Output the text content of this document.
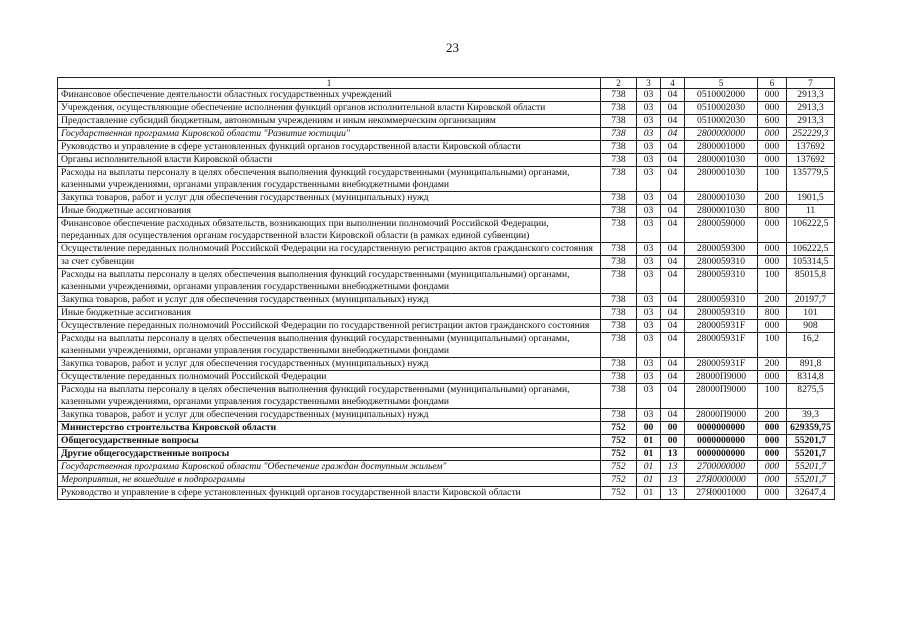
23
1	2	3	4	5	6	7
Финансовое обеспечение деятельности областных государственных учреждений	738	03	04	0510002000	000	2913,3
Учреждения, осуществляющие обеспечение исполнения функций органов исполнительной власти Кировской области	738	03	04	0510002030	000	2913,3
Предоставление субсидий бюджетным, автономным учреждениям и иным некоммерческим организациям	738	03	04	0510002030	600	2913,3
Государственная программа Кировской области "Развитие юстиции"	738	03	04	2800000000	000	252229,3
Руководство и управление в сфере установленных функций органов государственной власти Кировской области	738	03	04	2800001000	000	137692
Органы исполнительной власти Кировской области	738	03	04	2800001030	000	137692
Расходы на выплаты персоналу в целях обеспечения выполнения функций государственными (муниципальными) органами, казенными учреждениями, органами управления государственными внебюджетными фондами	738	03	04	2800001030	100	135779,5
Закупка товаров, работ и услуг для обеспечения государственных (муниципальных) нужд	738	03	04	2800001030	200	1901,5
Иные бюджетные ассигнования	738	03	04	2800001030	800	11
Финансовое обеспечение расходных обязательств, возникающих при выполнении полномочий Российской Федерации, переданных для осуществления органам государственной власти Кировской области (в рамках единой субвенции)	738	03	04	2800059000	000	106222,5
Осуществление переданных полномочий Российской Федерации на государственную регистрацию актов гражданского состояния	738	03	04	2800059300	000	106222,5
за счет субвенции	738	03	04	2800059310	000	105314,5
Расходы на выплаты персоналу в целях обеспечения выполнения функций государственными (муниципальными) органами, казенными учреждениями, органами управления государственными внебюджетными фондами	738	03	04	2800059310	100	85015,8
Закупка товаров, работ и услуг для обеспечения государственных (муниципальных) нужд	738	03	04	2800059310	200	20197,7
Иные бюджетные ассигнования	738	03	04	2800059310	800	101
Осуществление переданных полномочий Российской Федерации по государственной регистрации актов гражданского состояния	738	03	04	280005931F	000	908
Расходы на выплаты персоналу в целях обеспечения выполнения функций государственными (муниципальными) органами, казенными учреждениями, органами управления государственными внебюджетными фондами	738	03	04	280005931F	100	16,2
Закупка товаров, работ и услуг для обеспечения государственных (муниципальных) нужд	738	03	04	280005931F	200	891,8
Осуществление переданных полномочий Российской Федерации	738	03	04	28000П9000	000	8314,8
Расходы на выплаты персоналу в целях обеспечения выполнения функций государственными (муниципальными) органами, казенными учреждениями, органами управления государственными внебюджетными фондами	738	03	04	28000П9000	100	8275,5
Закупка товаров, работ и услуг для обеспечения государственных (муниципальных) нужд	738	03	04	28000П9000	200	39,3
Министерство строительства Кировской области	752	00	00	0000000000	000	629359,75
Общегосударственные вопросы	752	01	00	0000000000	000	55201,7
Другие общегосударственные вопросы	752	01	13	0000000000	000	55201,7
Государственная программа Кировской области "Обеспечение граждан доступным жильем"	752	01	13	2700000000	000	55201,7
Мероприятия, не вошедшие в подпрограммы	752	01	13	27Я0000000	000	55201,7
Руководство и управление в сфере установленных функций органов государственной власти Кировской области	752	01	13	27Я0001000	000	32647,4
